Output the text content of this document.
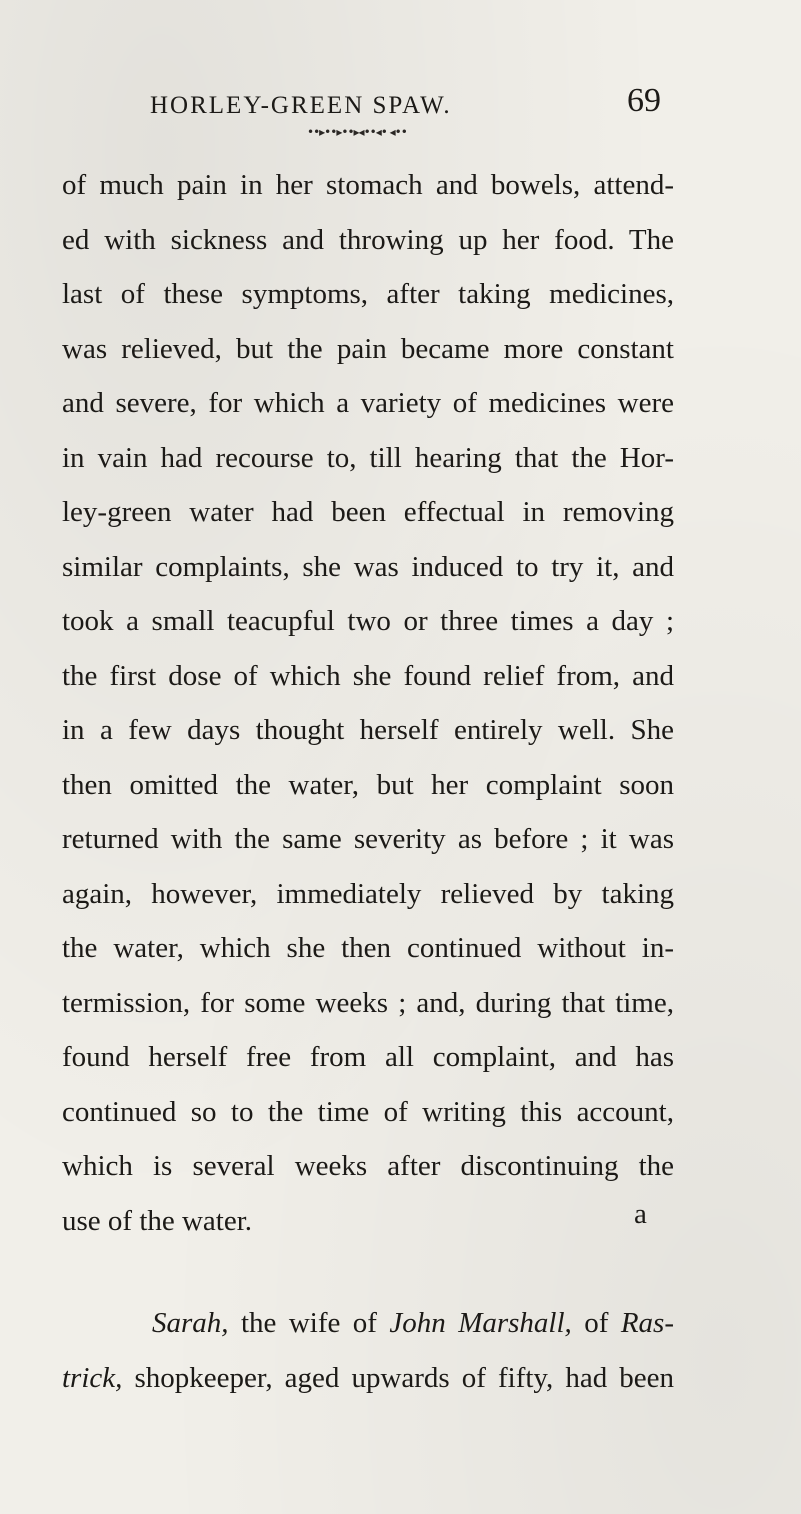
HORLEY-GREEN SPAW.	69
••▸••▸••▸◂••◂• ◂••
of much pain in her stomach and bowels, attend-
ed with sickness and throwing up her food. The
last of these symptoms, after taking medicines,
was relieved, but the pain became more constant
and severe, for which a variety of medicines were
in vain had recourse to, till hearing that the Hor-
ley-green water had been effectual in removing
similar complaints, she was induced to try it, and
took a small teacupful two or three times a day ;
the first dose of which she found relief from, and
in a few days thought herself entirely well. She
then omitted the water, but her complaint soon
returned with the same severity as before ; it was
again, however, immediately relieved by taking
the water, which she then continued without in-
termission, for some weeks ; and, during that time,
found herself free from all complaint, and has
continued so to the time of writing this account,
which is several weeks after discontinuing the
use of the water.
Sarah, the wife of John Marshall, of Ras-
trick, shopkeeper, aged upwards of fifty, had been
a
